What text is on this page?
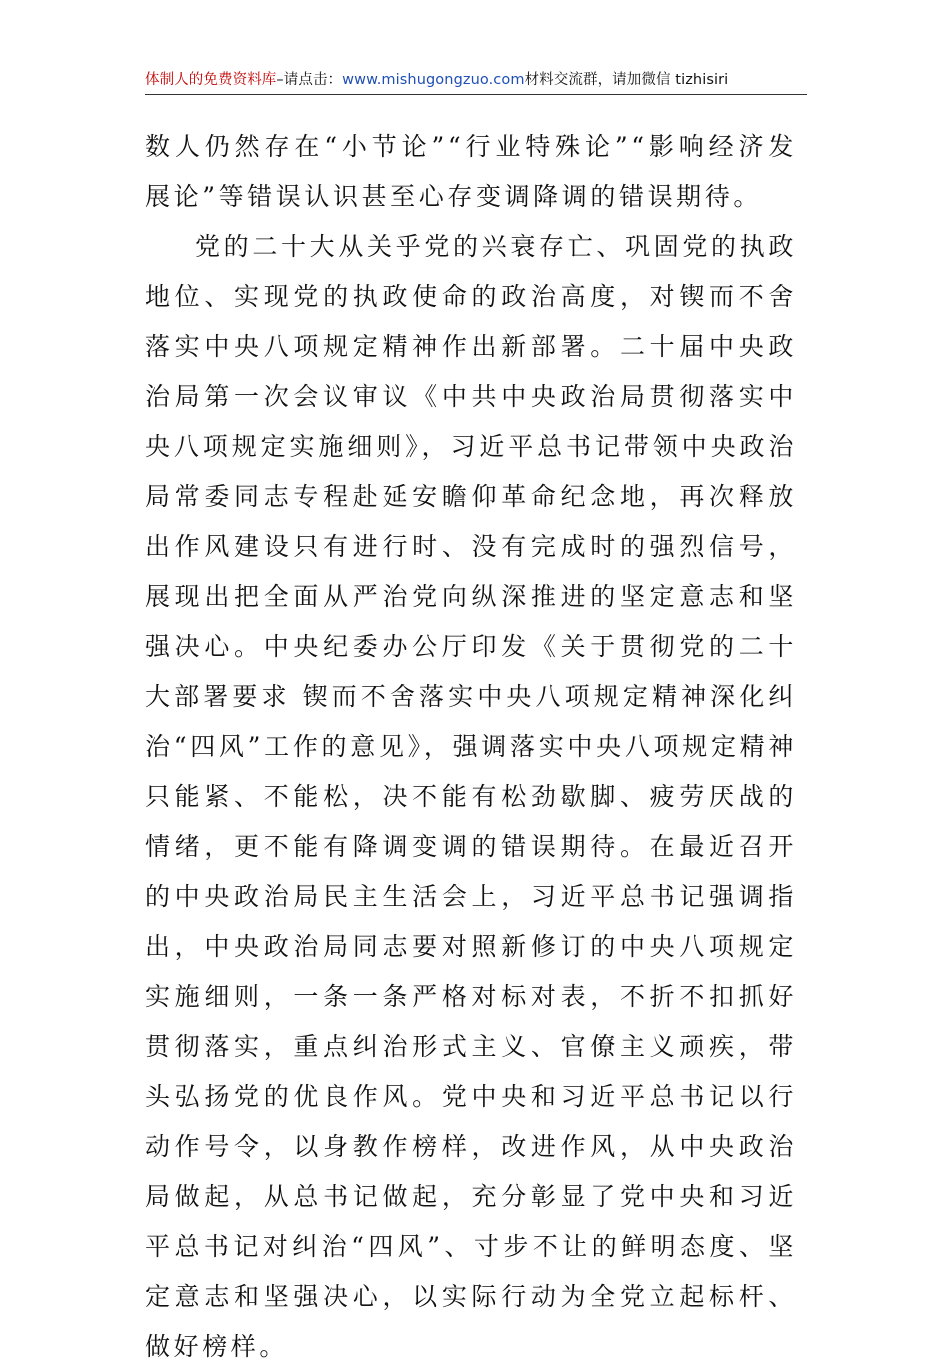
体制人的免费资料库–请点击：www.mishugongzuo.com材料交流群，请加微信 tizhisiri

数人仍然存在“小节论”“行业特殊论”“影响经济发展论”等错误认识甚至心存变调降调的错误期待。

党的二十大从关乎党的兴衰存亡、巩固党的执政地位、实现党的执政使命的政治高度，对锲而不舍落实中央八项规定精神作出新部署。二十届中央政治局第一次会议审议《中共中央政治局贯彻落实中央八项规定实施细则》，习近平总书记带领中央政治局常委同志专程赴延安瞻仰革命纪念地，再次释放出作风建设只有进行时、没有完成时的强烈信号，展现出把全面从严治党向纵深推进的坚定意志和坚强决心。中央纪委办公厅印发《关于贯彻党的二十大部署要求 锲而不舍落实中央八项规定精神深化纠治“四风”工作的意见》，强调落实中央八项规定精神只能紧、不能松，决不能有松劲歇脚、疲劳厌战的情绪，更不能有降调变调的错误期待。在最近召开的中央政治局民主生活会上，习近平总书记强调指出，中央政治局同志要对照新修订的中央八项规定实施细则，一条一条严格对标对表，不折不扣抓好贯彻落实，重点纠治形式主义、官僚主义顽疾，带头弘扬党的优良作风。党中央和习近平总书记以行动作号令，以身教作榜样，改进作风，从中央政治局做起，从总书记做起，充分彰显了党中央和习近平总书记对纠治“四风”、寸步不让的鲜明态度、坚定意志和坚强决心，以实际行动为全党立起标杆、做好榜样。
